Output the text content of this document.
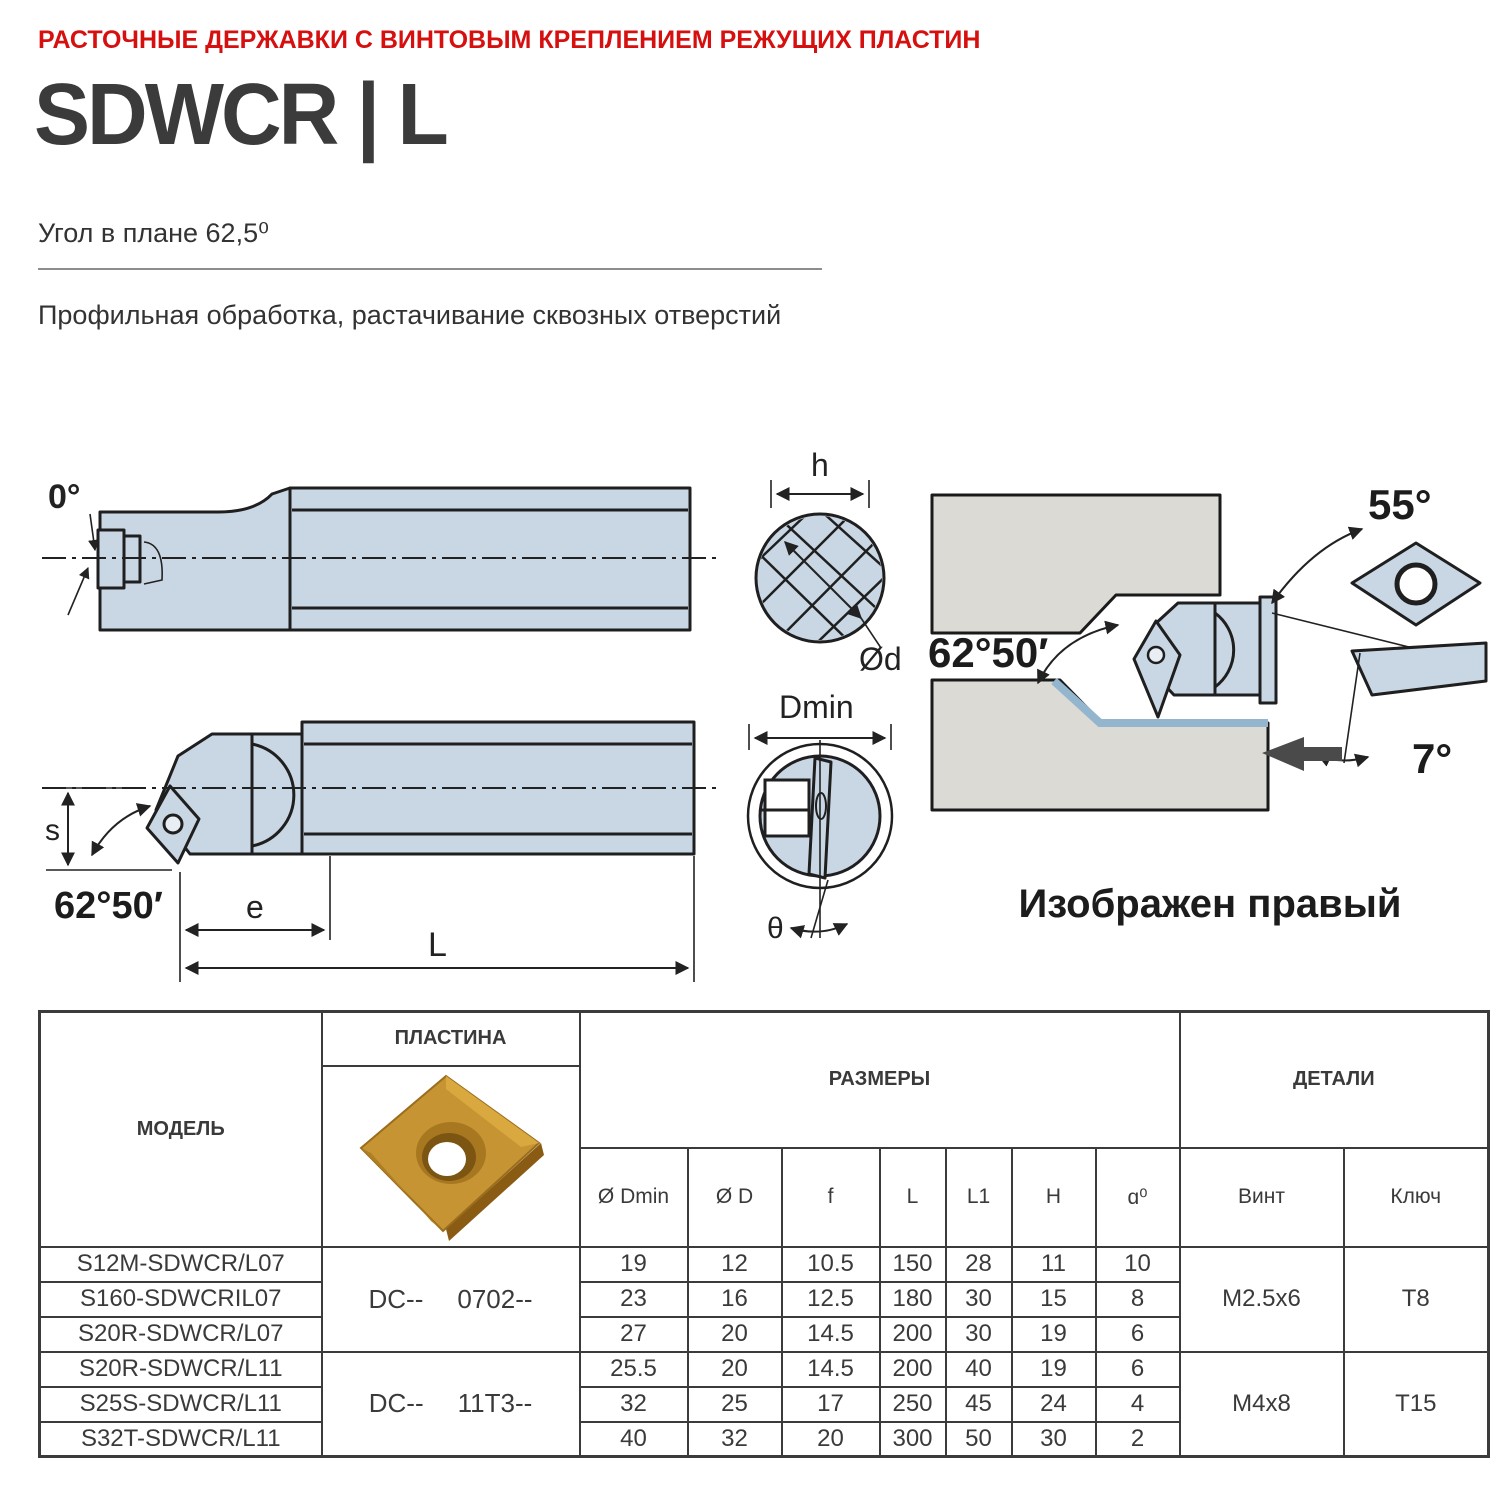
РАСТОЧНЫЕ ДЕРЖАВКИ С ВИНТОВЫМ КРЕПЛЕНИЕМ РЕЖУЩИХ ПЛАСТИН
SDWCR | L
Угол в плане 62,5⁰
Профильная обработка, растачивание сквозных отверстий
0°
s
62°50′	e
L
h
Ød
Dmin
θ
62°50′
55°
7°
Изображен правый
МОДЕЛЬ	ПЛАСТИНА	РАЗМЕРЫ							ДЕТАЛИ	

		Ø Dmin	Ø D	f	L	L1	H	ɑ⁰	Винт	Ключ
S12M-SDWCR/L07	DC-- 0702--	19	12	10.5	150	28	11	10	M2.5x6	T8
S160-SDWCRIL07		23	16	12.5	180	30	15	8		
S20R-SDWCR/L07		27	20	14.5	200	30	19	6		
S20R-SDWCR/L11	DC-- 11T3--	25.5	20	14.5	200	40	19	6	M4x8	T15
S25S-SDWCR/L11		32	25	17	250	45	24	4		
S32T-SDWCR/L11		40	32	20	300	50	30	2		
